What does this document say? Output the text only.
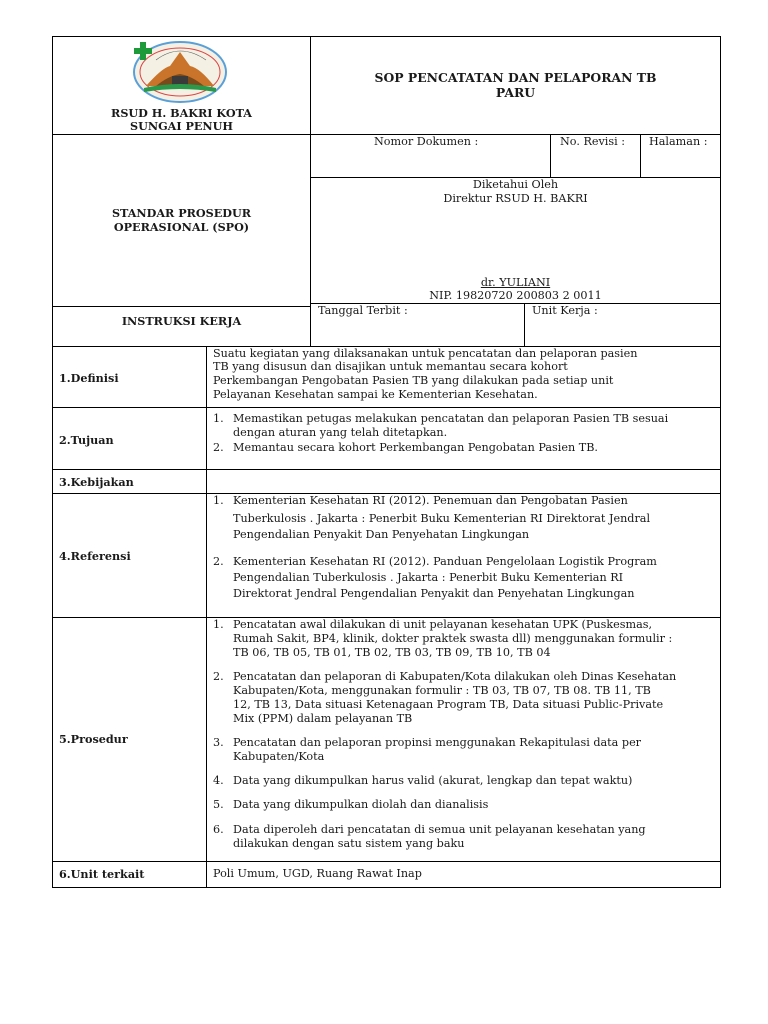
RSUD H. BAKRI KOTA
SUNGAI PENUH
SOP PENCATATAN DAN PELAPORAN TB
PARU
STANDAR PROSEDUR
OPERASIONAL (SPO)
Nomor Dokumen :	No. Revisi : Halaman :
Diketahui Oleh
Direktur RSUD H. BAKRI
dr. YULIANI
NIP. 19820720 200803 2 0011
INSTRUKSI KERJA
Tanggal Terbit :	Unit Kerja :
1.Definisi
2.Tujuan
3.Kebijakan
4.Referensi
5.Prosedur
6.Unit terkait
Suatu kegiatan yang dilaksanakan untuk pencatatan dan pelaporan pasien
TB yang disusun dan disajikan untuk memantau secara kohort
Perkembangan Pengobatan Pasien TB yang dilakukan pada setiap unit
Pelayanan Kesehatan sampai ke Kementerian Kesehatan.
1. Memastikan petugas melakukan pencatatan dan pelaporan Pasien TB sesuai
dengan aturan yang telah ditetapkan.
2. Memantau secara kohort Perkembangan Pengobatan Pasien TB.
1. Kementerian Kesehatan RI (2012). Penemuan dan Pengobatan Pasien
Tuberkulosis . Jakarta : Penerbit Buku Kementerian RI Direktorat Jendral
Pengendalian Penyakit Dan Penyehatan Lingkungan
2. Kementerian Kesehatan RI (2012). Panduan Pengelolaan Logistik Program
Pengendalian Tuberkulosis . Jakarta : Penerbit Buku Kementerian RI
Direktorat Jendral Pengendalian Penyakit dan Penyehatan Lingkungan
1. Pencatatan awal dilakukan di unit pelayanan kesehatan UPK (Puskesmas,
Rumah Sakit, BP4, klinik, dokter praktek swasta dll) menggunakan formulir :
TB 06, TB 05, TB 01, TB 02, TB 03, TB 09, TB 10, TB 04
2. Pencatatan dan pelaporan di Kabupaten/Kota dilakukan oleh Dinas Kesehatan
Kabupaten/Kota, menggunakan formulir : TB 03, TB 07, TB 08. TB 11, TB
12, TB 13, Data situasi Ketenagaan Program TB, Data situasi Public-Private
Mix (PPM) dalam pelayanan TB
3. Pencatatan dan pelaporan propinsi menggunakan Rekapitulasi data per
Kabupaten/Kota
4. Data yang dikumpulkan harus valid (akurat, lengkap dan tepat waktu)
5. Data yang dikumpulkan diolah dan dianalisis
6. Data diperoleh dari pencatatan di semua unit pelayanan kesehatan yang
dilakukan dengan satu sistem yang baku
Poli Umum, UGD, Ruang Rawat Inap
